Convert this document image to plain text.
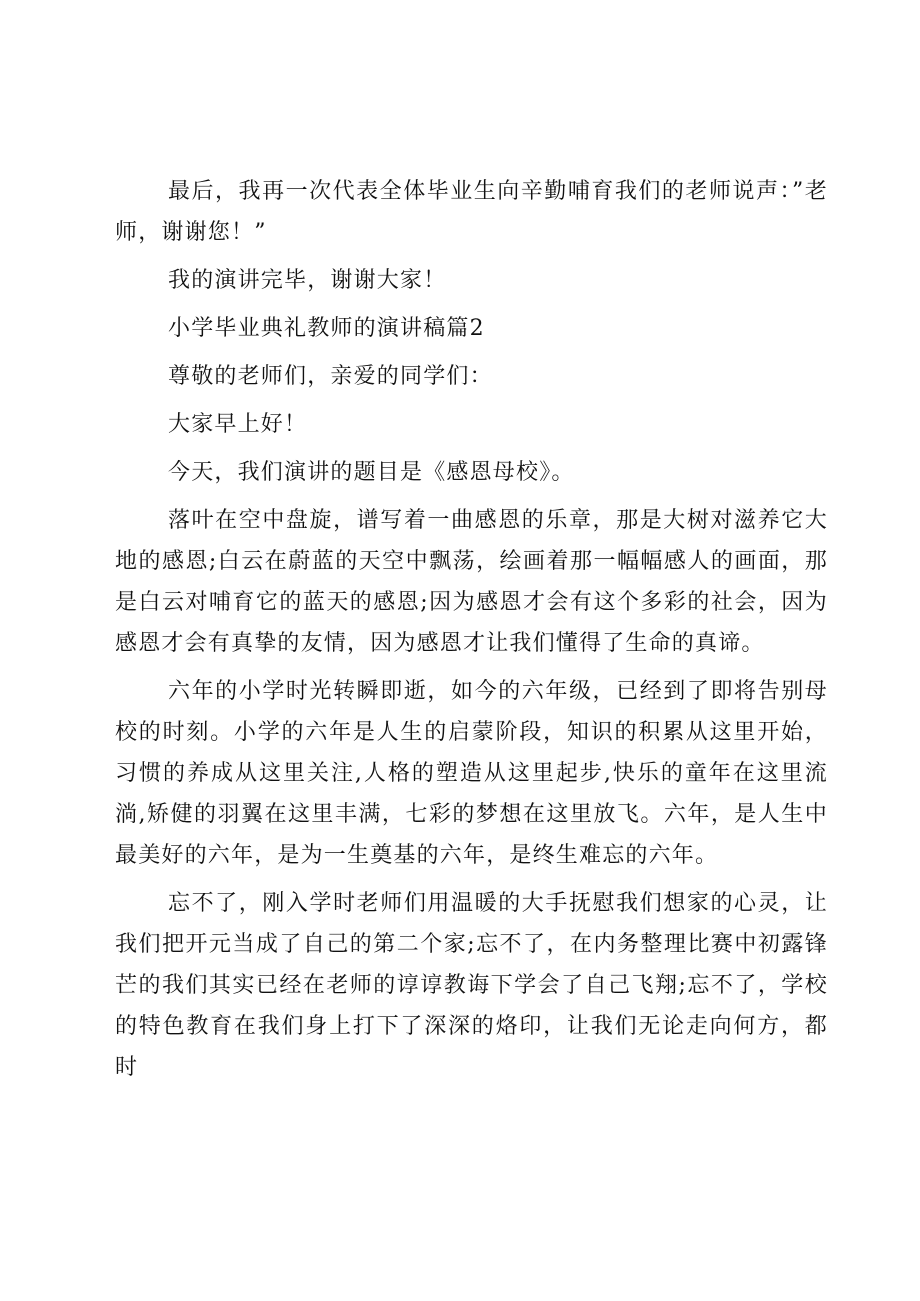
最后，我再一次代表全体毕业生向辛勤哺育我们的老师说声：”老师，谢谢您！”

我的演讲完毕，谢谢大家！

小学毕业典礼教师的演讲稿篇2

尊敬的老师们，亲爱的同学们：

大家早上好！

今天，我们演讲的题目是《感恩母校》。

落叶在空中盘旋，谱写着一曲感恩的乐章，那是大树对滋养它大地的感恩;白云在蔚蓝的天空中飘荡，绘画着那一幅幅感人的画面，那是白云对哺育它的蓝天的感恩;因为感恩才会有这个多彩的社会，因为感恩才会有真挚的友情，因为感恩才让我们懂得了生命的真谛。

六年的小学时光转瞬即逝，如今的六年级，已经到了即将告别母校的时刻。小学的六年是人生的启蒙阶段，知识的积累从这里开始，习惯的养成从这里关注,人格的塑造从这里起步,快乐的童年在这里流淌,矫健的羽翼在这里丰满，七彩的梦想在这里放飞。六年，是人生中最美好的六年，是为一生奠基的六年，是终生难忘的六年。

忘不了，刚入学时老师们用温暖的大手抚慰我们想家的心灵，让我们把开元当成了自己的第二个家;忘不了，在内务整理比赛中初露锋芒的我们其实已经在老师的谆谆教诲下学会了自己飞翔;忘不了，学校的特色教育在我们身上打下了深深的烙印，让我们无论走向何方，都时
